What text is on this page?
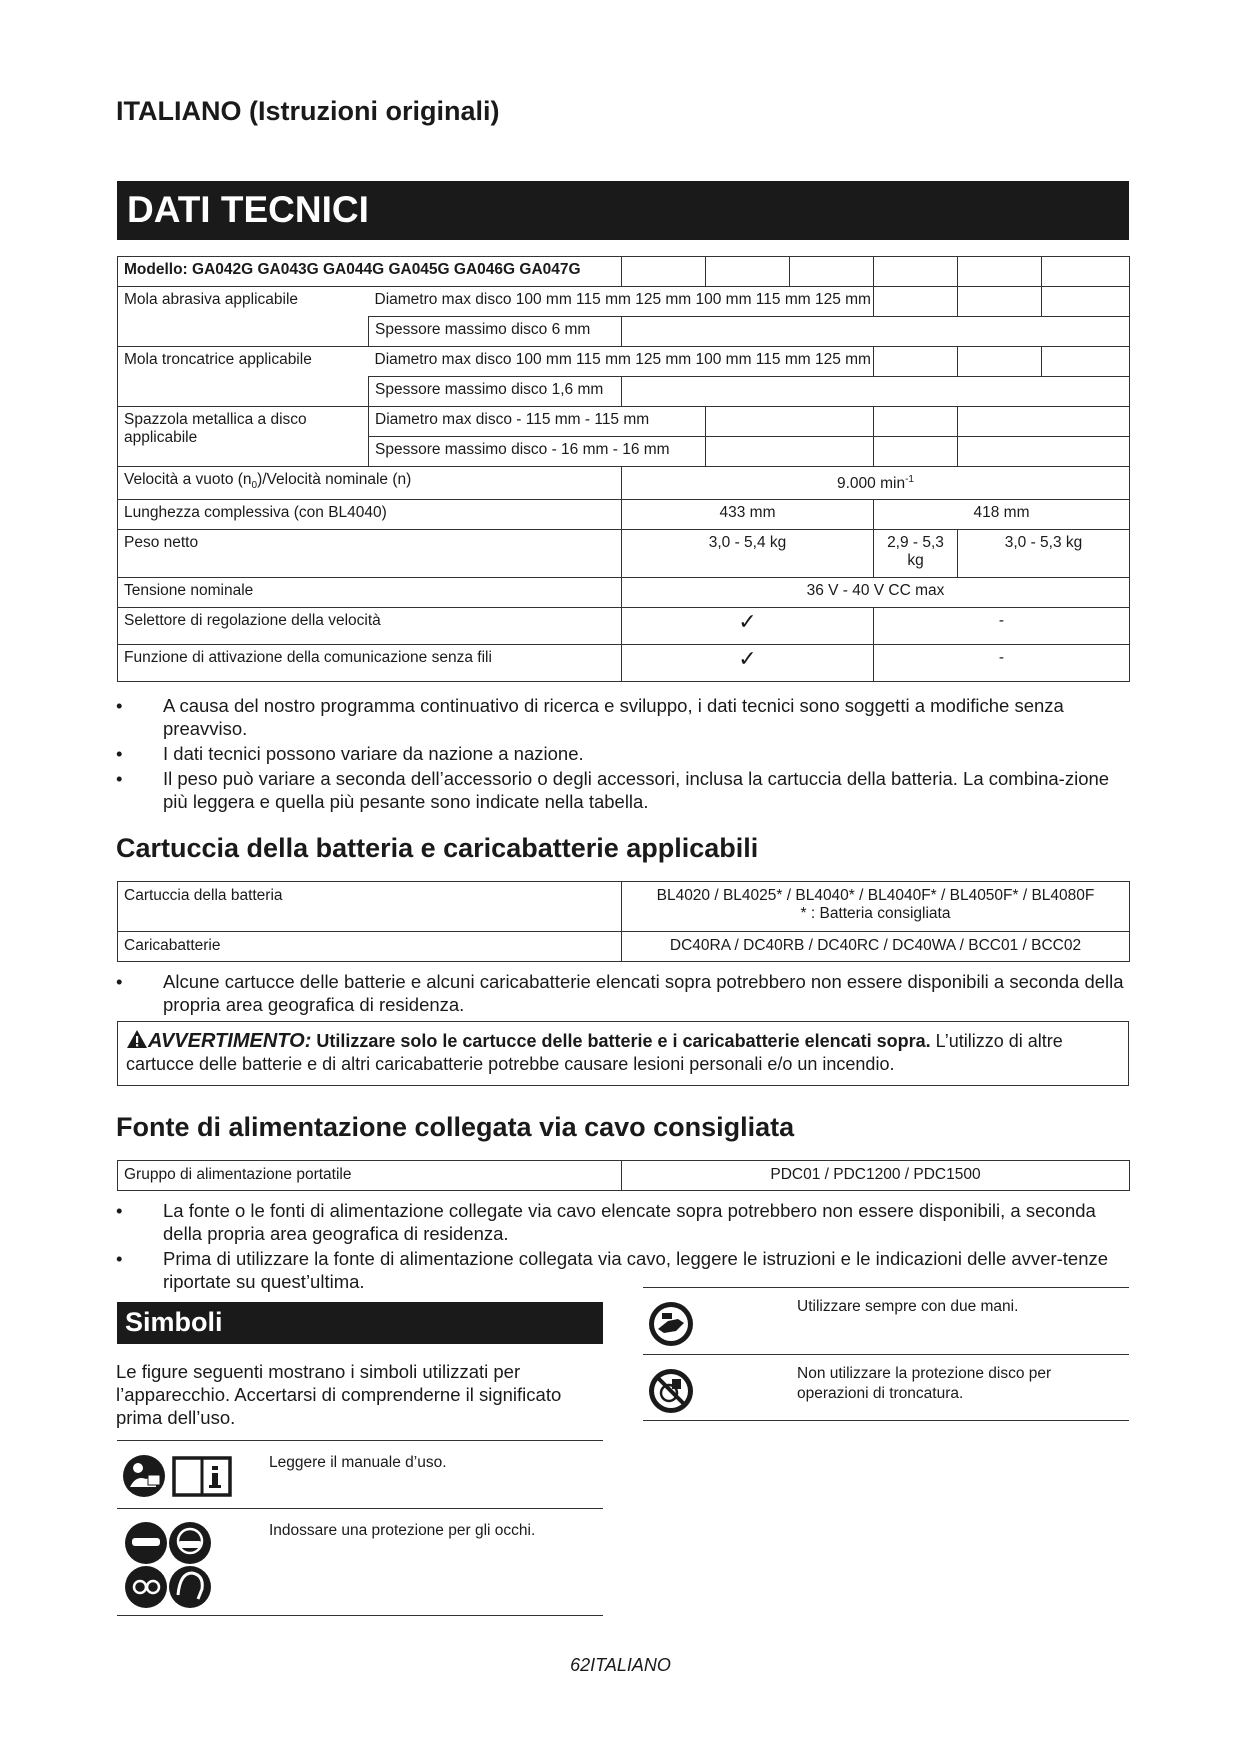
ITALIANO (Istruzioni originali)
DATI TECNICI
Modello: GA042G GA043G GA044G GA045G GA046G GA047G							
Mola abrasiva applicabile	Diametro max disco 100 mm 115 mm 125 mm 100 mm 115 mm 125 mm						
	Spessore massimo disco 6 mm						
Mola troncatrice applicabile	Diametro max disco 100 mm 115 mm 125 mm 100 mm 115 mm 125 mm						
	Spessore massimo disco 1,6 mm						
Spazzola metallica a disco applicabile	Diametro max disco - 115 mm - 115 mm						
	Spessore massimo disco - 16 mm - 16 mm						
Velocità a vuoto $(n_0)$/Velocità nominale (n)		9.000 $\min^{-1}$
Lunghezza complessiva (con BL4040)		433 mm			418 mm		
Peso netto		3,0 - 5,4 kg			2,9 - 5,3 kg	3,0 - 5,3 kg	
Tensione nominale		36 V - 40 V CC max					
Selettore di regolazione della velocità		✓			-		
Funzione di attivazione della comunicazione senza fili		✓			-		
• A causa del nostro programma continuativo di ricerca e sviluppo, i dati tecnici sono soggetti a modifiche senza preavviso.
• I dati tecnici possono variare da nazione a nazione.
• Il peso può variare a seconda dell’accessorio o degli accessori, inclusa la cartuccia della batteria. La combina-zione più leggera e quella più pesante sono indicate nella tabella.
Cartuccia della batteria e caricabatterie applicabili
Cartuccia della batteria	BL4020 / BL4025* / BL4040* / BL4040F* / BL4050F* / BL4080F
* : Batteria consigliata

Caricabatterie	DC40RA / DC40RB / DC40RC / DC40WA / BCC01 / BCC02
• Alcune cartucce delle batterie e alcuni caricabatterie elencati sopra potrebbero non essere disponibili a seconda della propria area geografica di residenza.
AVVERTIMENTO: Utilizzare solo le cartucce delle batterie e i caricabatterie elencati sopra. L’utilizzo di altre cartucce delle batterie e di altri caricabatterie potrebbe causare lesioni personali e/o un incendio.
Fonte di alimentazione collegata via cavo consigliata
Gruppo di alimentazione portatile	PDC01 / PDC1200 / PDC1500
• La fonte o le fonti di alimentazione collegate via cavo elencate sopra potrebbero non essere disponibili, a seconda della propria area geografica di residenza.
• Prima di utilizzare la fonte di alimentazione collegata via cavo, leggere le istruzioni e le indicazioni delle avver-tenze riportate su quest’ultima.
Simboli
Le figure seguenti mostrano i simboli utilizzati per l’apparecchio. Accertarsi di comprenderne il significato prima dell’uso.
Leggere il manuale d’uso.
Indossare una protezione per gli occhi.
Utilizzare sempre con due mani.
Non utilizzare la protezione disco per operazioni di troncatura.
62ITALIANO
